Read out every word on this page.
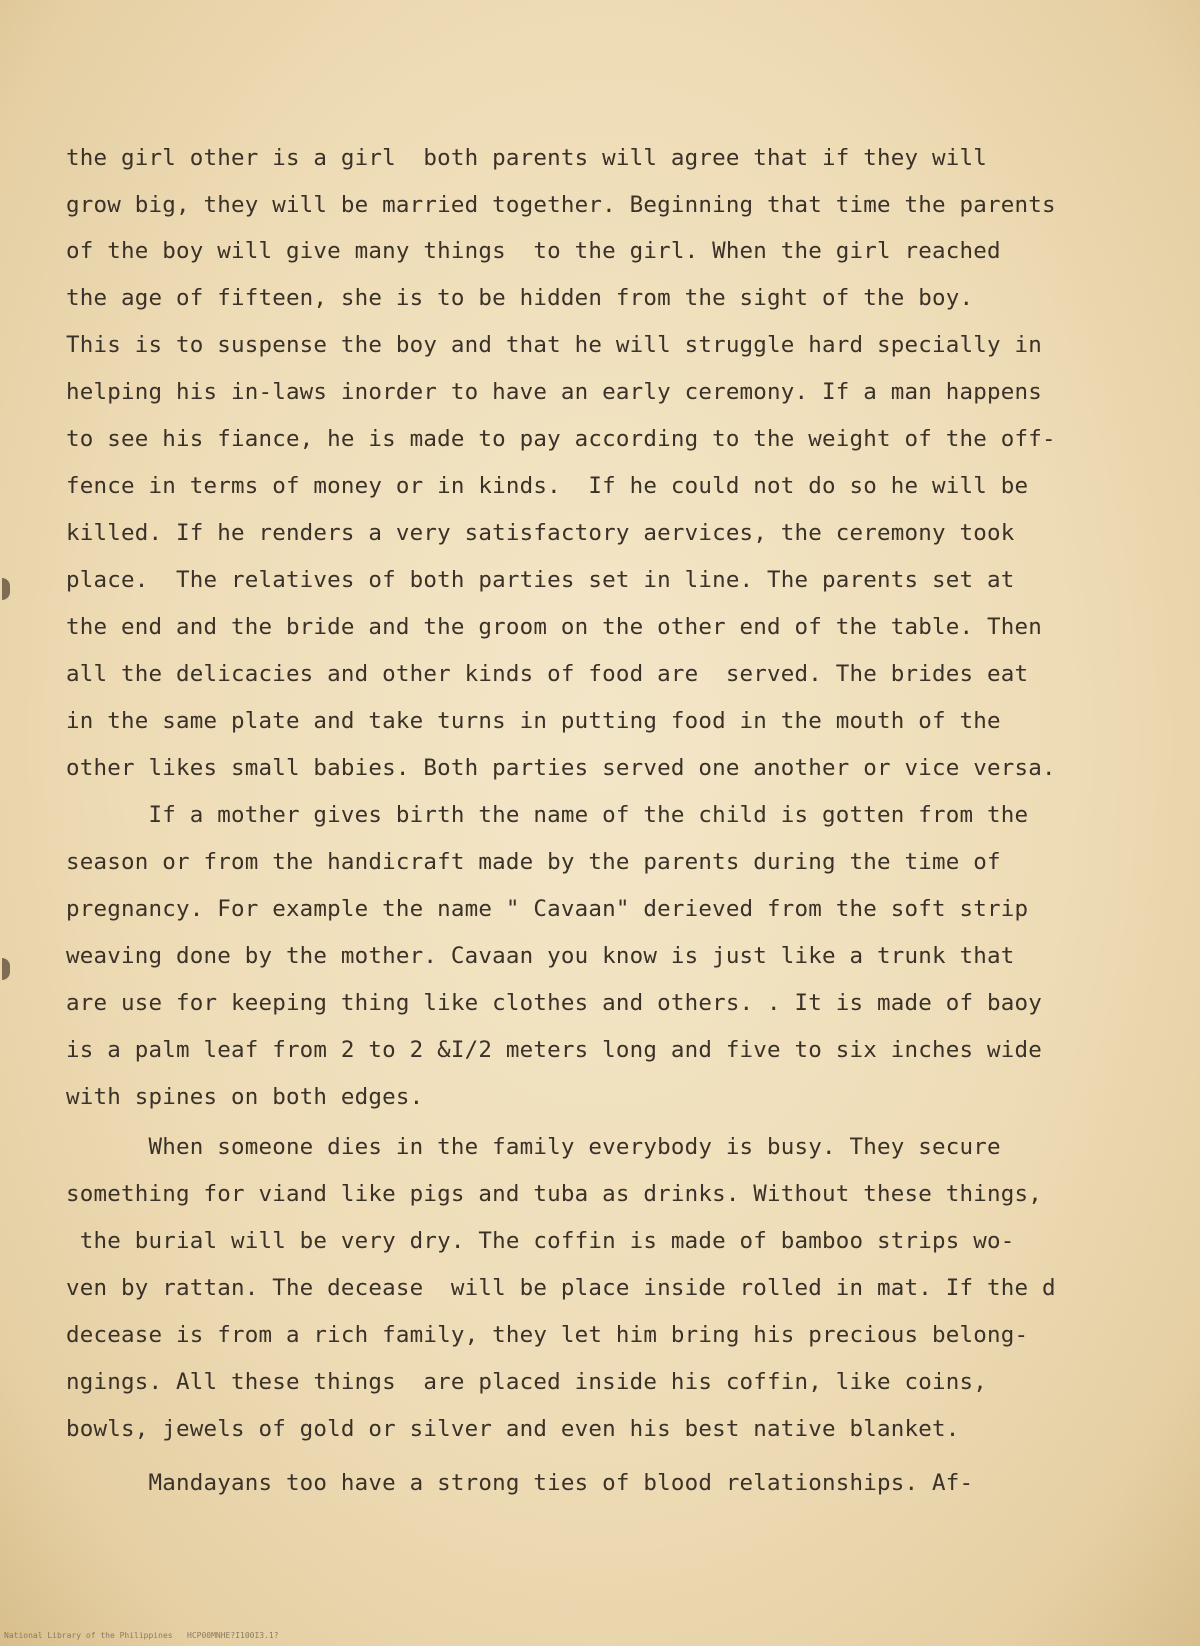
the girl other is a girl  both parents will agree that if they will
grow big, they will be married together. Beginning that time the parents
of the boy will give many things  to the girl. When the girl reached
the age of fifteen, she is to be hidden from the sight of the boy.
This is to suspense the boy and that he will struggle hard specially in
helping his in-laws inorder to have an early ceremony. If a man happens
to see his fiance, he is made to pay according to the weight of the off-
fence in terms of money or in kinds.  If he could not do so he will be
killed. If he renders a very satisfactory aervices, the ceremony took
place.  The relatives of both parties set in line. The parents set at
the end and the bride and the groom on the other end of the table. Then
all the delicacies and other kinds of food are  served. The brides eat
in the same plate and take turns in putting food in the mouth of the
other likes small babies. Both parties served one another or vice versa.
If a mother gives birth the name of the child is gotten from the
season or from the handicraft made by the parents during the time of
pregnancy. For example the name " Cavaan" derieved from the soft strip
weaving done by the mother. Cavaan you know is just like a trunk that
are use for keeping thing like clothes and others. . It is made of baoy
is a palm leaf from 2 to 2 &I/2 meters long and five to six inches wide
with spines on both edges.
When someone dies in the family everybody is busy. They secure
something for viand like pigs and tuba as drinks. Without these things,
the burial will be very dry. The coffin is made of bamboo strips wo-
ven by rattan. The decease  will be place inside rolled in mat. If the d
decease is from a rich family, they let him bring his precious belong-
ngings. All these things  are placed inside his coffin, like coins,
bowls, jewels of gold or silver and even his best native blanket.
Mandayans too have a strong ties of blood relationships. Af-
National Library of the Philippines   HCP00MNHE?I100I3.1?
